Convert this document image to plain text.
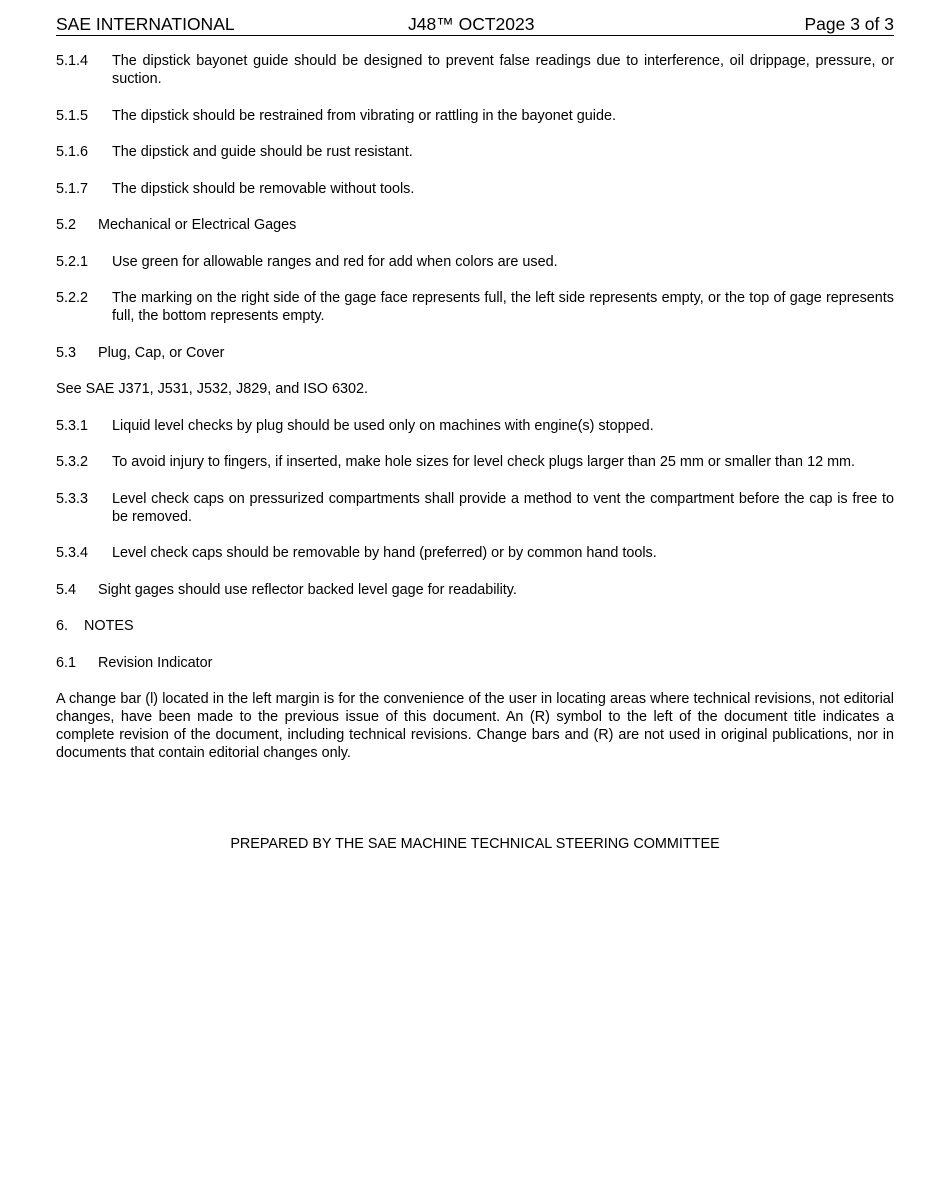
SAE INTERNATIONAL	J48™ OCT2023	Page 3 of 3
5.1.4	The dipstick bayonet guide should be designed to prevent false readings due to interference, oil drippage, pressure, or suction.
5.1.5	The dipstick should be restrained from vibrating or rattling in the bayonet guide.
5.1.6	The dipstick and guide should be rust resistant.
5.1.7	The dipstick should be removable without tools.
5.2	Mechanical or Electrical Gages
5.2.1	Use green for allowable ranges and red for add when colors are used.
5.2.2	The marking on the right side of the gage face represents full, the left side represents empty, or the top of gage represents full, the bottom represents empty.
5.3	Plug, Cap, or Cover
See SAE J371, J531, J532, J829, and ISO 6302.
5.3.1	Liquid level checks by plug should be used only on machines with engine(s) stopped.
5.3.2	To avoid injury to fingers, if inserted, make hole sizes for level check plugs larger than 25 mm or smaller than 12 mm.
5.3.3	Level check caps on pressurized compartments shall provide a method to vent the compartment before the cap is free to be removed.
5.3.4	Level check caps should be removable by hand (preferred) or by common hand tools.
5.4	Sight gages should use reflector backed level gage for readability.
6.	NOTES
6.1	Revision Indicator
A change bar (l) located in the left margin is for the convenience of the user in locating areas where technical revisions, not editorial changes, have been made to the previous issue of this document. An (R) symbol to the left of the document title indicates a complete revision of the document, including technical revisions. Change bars and (R) are not used in original publications, nor in documents that contain editorial changes only.
PREPARED BY THE SAE MACHINE TECHNICAL STEERING COMMITTEE
